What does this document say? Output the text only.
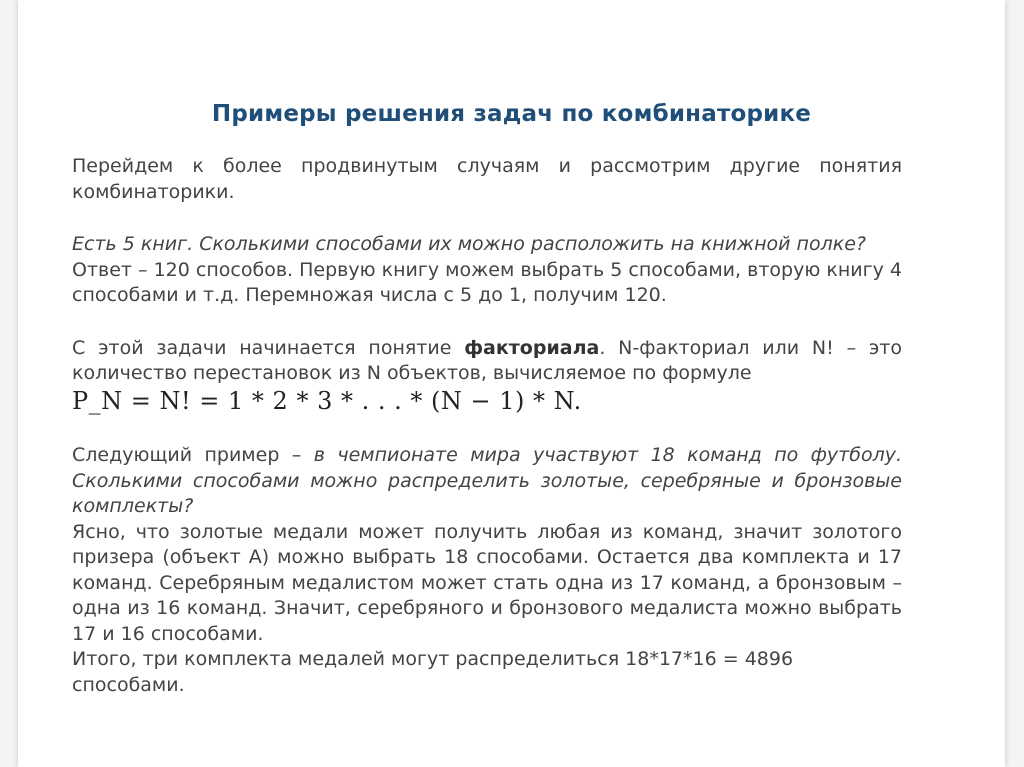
Примеры решения задач по комбинаторике

Перейдем к более продвинутым случаям и рассмотрим другие понятия комбинаторики.

Есть 5 книг. Сколькими способами их можно расположить на книжной полке?
Ответ – 120 способов. Первую книгу можем выбрать 5 способами, вторую книгу 4 способами и т.д. Перемножая числа с 5 до 1, получим 120.
С этой задачи начинается понятие факториала. N-факториал или N! – это количество перестановок из N объектов, вычисляемое по формуле
P_N = N! = 1 * 2 * 3 * . . . * (N − 1) * N.
Следующий пример – в чемпионате мира участвуют 18 команд по футболу. Сколькими способами можно распределить золотые, серебряные и бронзовые комплекты?
Ясно, что золотые медали может получить любая из команд, значит золотого призера (объект А) можно выбрать 18 способами. Остается два комплекта и 17 команд. Серебряным медалистом может стать одна из 17 команд, а бронзовым – одна из 16 команд. Значит, серебряного и бронзового медалиста можно выбрать 17 и 16 способами.
Итого, три комплекта медалей могут распределиться 18*17*16 = 4896 способами.
